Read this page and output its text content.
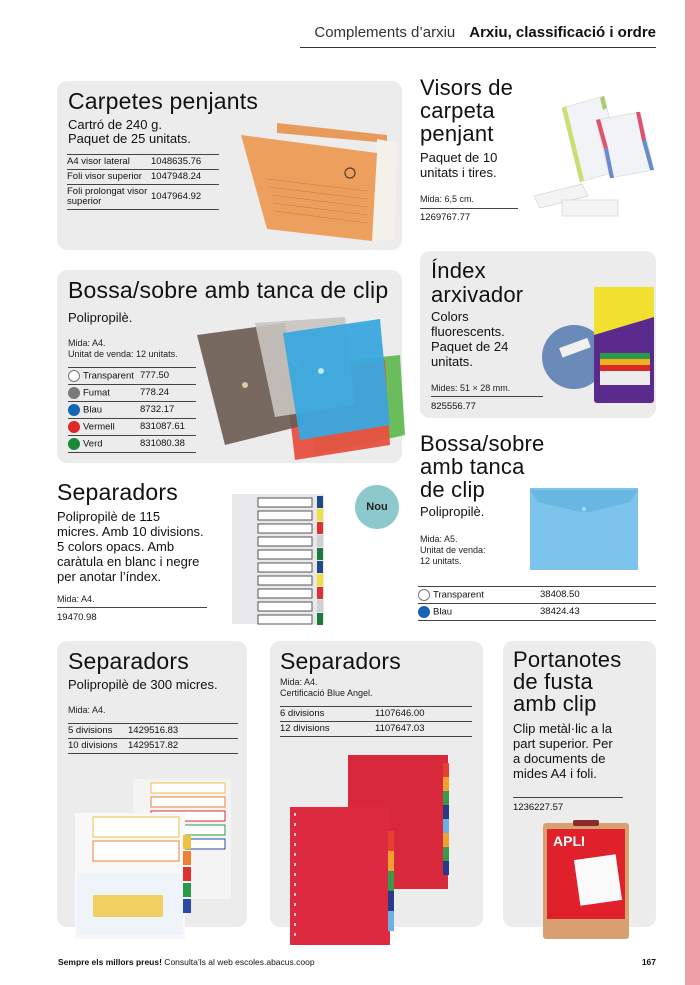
Complements d’arxiu Arxiu, classificació i ordre
Carpetes penjants
Cartró de 240 g.
Paquet de 25 unitats.
A4 visor lateral	1048635.76
Foli visor superior	1047948.24
Foli prolongat visor superior	1047964.92
Visors de
carpeta
penjant
Paquet de 10
unitats i tires.
Mida: 6,5 cm.
1269767.77
Bossa/sobre amb tanca de clip
Polipropilè.
Mida: A4.
Unitat de venda: 12 unitats.
Transparent	777.50
Fumat	778.24
Blau	8732.17
Vermell	831087.61
Verd	831080.38
Índex
arxivador
Colors
fluorescents.
Paquet de 24
unitats.
Mides: 51 × 28 mm.
825556.77
Separadors
Polipropilè de 115
micres. Amb 10 divisions.
5 colors opacs. Amb
caràtula en blanc i negre
per anotar l’índex.
Mida: A4.
19470.98
Nou
Bossa/sobre
amb tanca
de clip
Polipropilè.
Mida: A5.
Unitat de venda:
12 unitats.
Transparent	38408.50
Blau	38424.43
Separadors
Polipropilè de 300 micres.
Mida: A4.
5 divisions	1429516.83
10 divisions	1429517.82
Separadors
Mida: A4.
Certificació Blue Angel.
6 divisions	1107646.00
12 divisions	1107647.03
Portanotes
de fusta
amb clip
Clip metàl·lic a la
part superior. Per
a documents de
mides A4 i foli.
1236227.57
APLI
Sempre els millors preus! Consulta’ls al web escoles.abacus.coop	167
